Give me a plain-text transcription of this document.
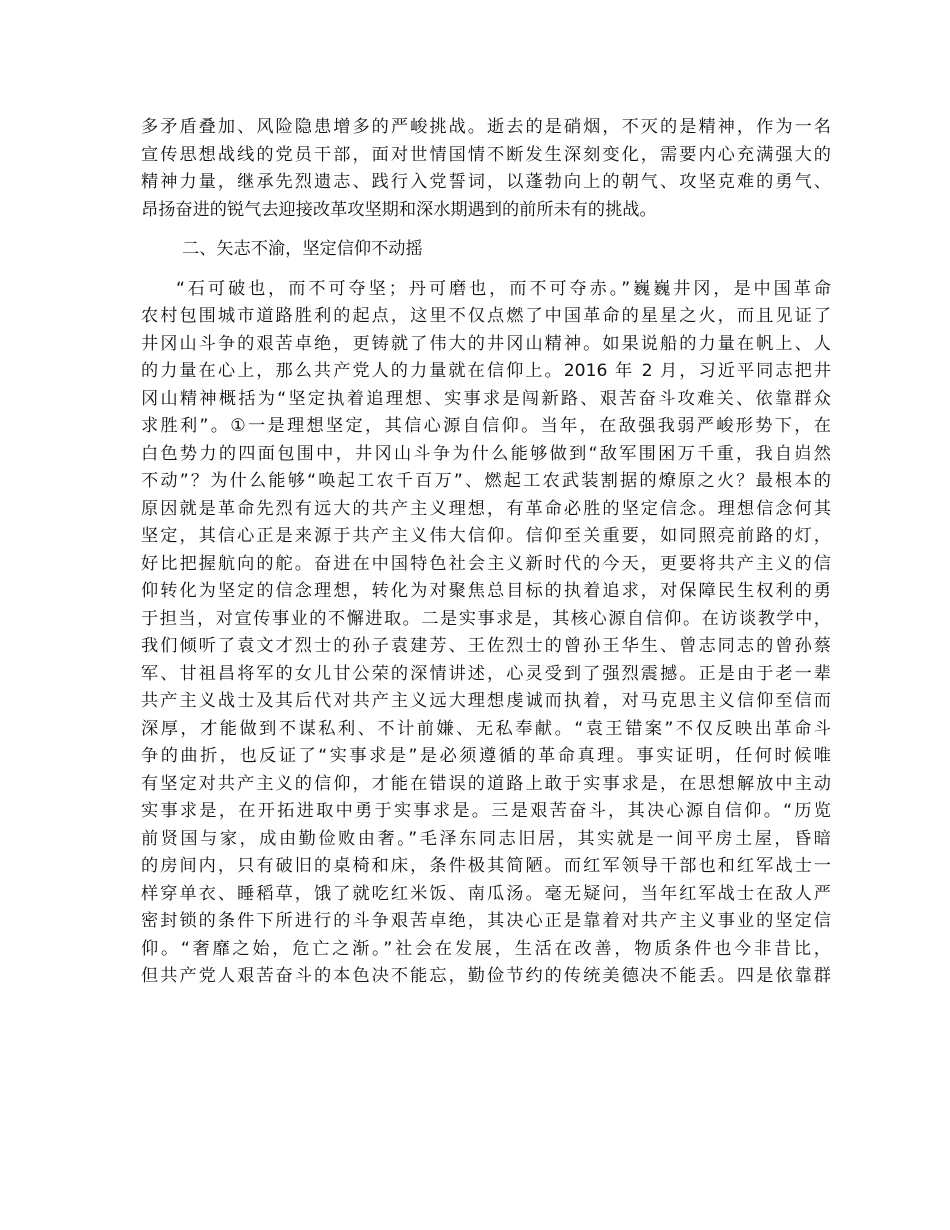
多矛盾叠加、风险隐患增多的严峻挑战。逝去的是硝烟，不灭的是精神，作为一名
宣传思想战线的党员干部，面对世情国情不断发生深刻变化，需要内心充满强大的
精神力量，继承先烈遗志、践行入党誓词，以蓬勃向上的朝气、攻坚克难的勇气、
昂扬奋进的锐气去迎接改革攻坚期和深水期遇到的前所未有的挑战。
二、矢志不渝，坚定信仰不动摇
“石可破也，而不可夺坚；丹可磨也，而不可夺赤。”巍巍井冈，是中国革命
农村包围城市道路胜利的起点，这里不仅点燃了中国革命的星星之火，而且见证了
井冈山斗争的艰苦卓绝，更铸就了伟大的井冈山精神。如果说船的力量在帆上、人
的力量在心上，那么共产党人的力量就在信仰上。2016 年 2 月，习近平同志把井
冈山精神概括为“坚定执着追理想、实事求是闯新路、艰苦奋斗攻难关、依靠群众
求胜利”。①一是理想坚定，其信心源自信仰。当年，在敌强我弱严峻形势下，在
白色势力的四面包围中，井冈山斗争为什么能够做到“敌军围困万千重，我自岿然
不动”？为什么能够“唤起工农千百万”、燃起工农武装割据的燎原之火？最根本的
原因就是革命先烈有远大的共产主义理想，有革命必胜的坚定信念。理想信念何其
坚定，其信心正是来源于共产主义伟大信仰。信仰至关重要，如同照亮前路的灯，
好比把握航向的舵。奋进在中国特色社会主义新时代的今天，更要将共产主义的信
仰转化为坚定的信念理想，转化为对聚焦总目标的执着追求，对保障民生权利的勇
于担当，对宣传事业的不懈进取。二是实事求是，其核心源自信仰。在访谈教学中，
我们倾听了袁文才烈士的孙子袁建芳、王佐烈士的曾孙王华生、曾志同志的曾孙蔡
军、甘祖昌将军的女儿甘公荣的深情讲述，心灵受到了强烈震撼。正是由于老一辈
共产主义战士及其后代对共产主义远大理想虔诚而执着，对马克思主义信仰至信而
深厚，才能做到不谋私利、不计前嫌、无私奉献。“袁王错案”不仅反映出革命斗
争的曲折，也反证了“实事求是”是必须遵循的革命真理。事实证明，任何时候唯
有坚定对共产主义的信仰，才能在错误的道路上敢于实事求是，在思想解放中主动
实事求是，在开拓进取中勇于实事求是。三是艰苦奋斗，其决心源自信仰。“历览
前贤国与家，成由勤俭败由奢。”毛泽东同志旧居，其实就是一间平房土屋，昏暗
的房间内，只有破旧的桌椅和床，条件极其简陋。而红军领导干部也和红军战士一
样穿单衣、睡稻草，饿了就吃红米饭、南瓜汤。毫无疑问，当年红军战士在敌人严
密封锁的条件下所进行的斗争艰苦卓绝，其决心正是靠着对共产主义事业的坚定信
仰。“奢靡之始，危亡之渐。”社会在发展，生活在改善，物质条件也今非昔比，
但共产党人艰苦奋斗的本色决不能忘，勤俭节约的传统美德决不能丢。四是依靠群
